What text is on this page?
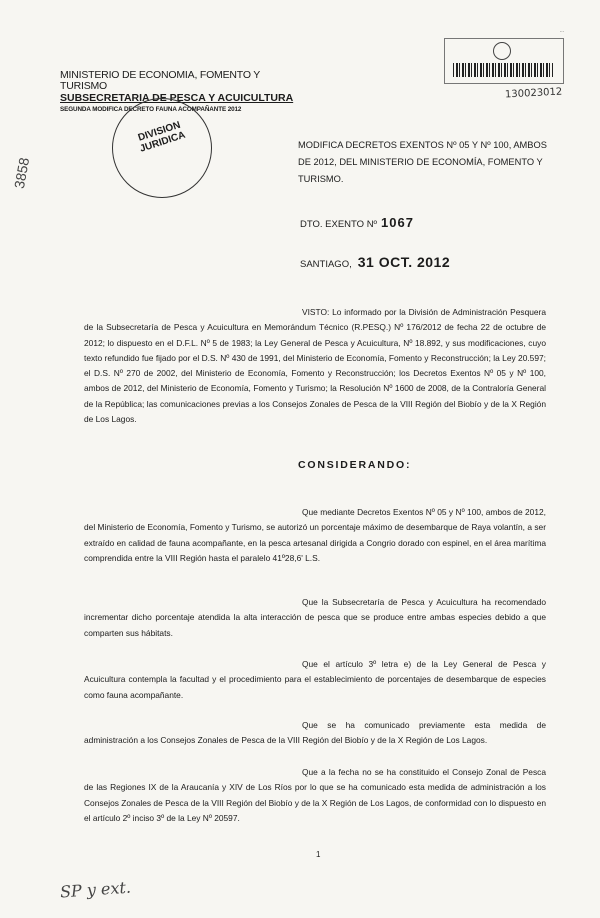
MINISTERIO DE ECONOMIA, FOMENTO Y TURISMO
SUBSECRETARIA DE PESCA Y ACUICULTURA
SEGUNDA MODIFICA DECRETO FAUNA ACOMPAÑANTE 2012
DIVISION JURIDICA
...
130023012
3858
MODIFICA DECRETOS EXENTOS Nº 05 Y Nº 100, AMBOS DE 2012, DEL MINISTERIO DE ECONOMÍA, FOMENTO Y TURISMO.
DTO. EXENTO Nº 1067
SANTIAGO, 31 OCT. 2012
VISTO: Lo informado por la División de Administración Pesquera de la Subsecretaría de Pesca y Acuicultura en Memorándum Técnico (R.PESQ.) Nº 176/2012 de fecha 22 de octubre de 2012; lo dispuesto en el D.F.L. Nº 5 de 1983; la Ley General de Pesca y Acuicultura, Nº 18.892, y sus modificaciones, cuyo texto refundido fue fijado por el D.S. Nº 430 de 1991, del Ministerio de Economía, Fomento y Reconstrucción; la Ley 20.597; el D.S. Nº 270 de 2002, del Ministerio de Economía, Fomento y Reconstrucción; los Decretos Exentos Nº 05 y Nº 100, ambos de 2012, del Ministerio de Economía, Fomento y Turismo; la Resolución Nº 1600 de 2008, de la Contraloría General de la República; las comunicaciones previas a los Consejos Zonales de Pesca de la VIII Región del Biobío y de la X Región de Los Lagos.
CONSIDERANDO:
Que mediante Decretos Exentos Nº 05 y Nº 100, ambos de 2012, del Ministerio de Economía, Fomento y Turismo, se autorizó un porcentaje máximo de desembarque de Raya volantín, a ser extraído en calidad de fauna acompañante, en la pesca artesanal dirigida a Congrio dorado con espinel, en el área marítima comprendida entre la VIII Región hasta el paralelo 41º28,6' L.S.
Que la Subsecretaría de Pesca y Acuicultura ha recomendado incrementar dicho porcentaje atendida la alta interacción de pesca que se produce entre ambas especies debido a que comparten sus hábitats.
Que el artículo 3º letra e) de la Ley General de Pesca y Acuicultura contempla la facultad y el procedimiento para el establecimiento de porcentajes de desembarque de especies como fauna acompañante.
Que se ha comunicado previamente esta medida de administración a los Consejos Zonales de Pesca de la VIII Región del Biobío y de la X Región de Los Lagos.
Que a la fecha no se ha constituido el Consejo Zonal de Pesca de las Regiones IX de la Araucanía y XIV de Los Ríos por lo que se ha comunicado esta medida de administración a los Consejos Zonales de Pesca de la VIII Región del Biobío y de la X Región de Los Lagos, de conformidad con lo dispuesto en el artículo 2º inciso 3º de la Ley Nº 20597.
1
SP y ext.
